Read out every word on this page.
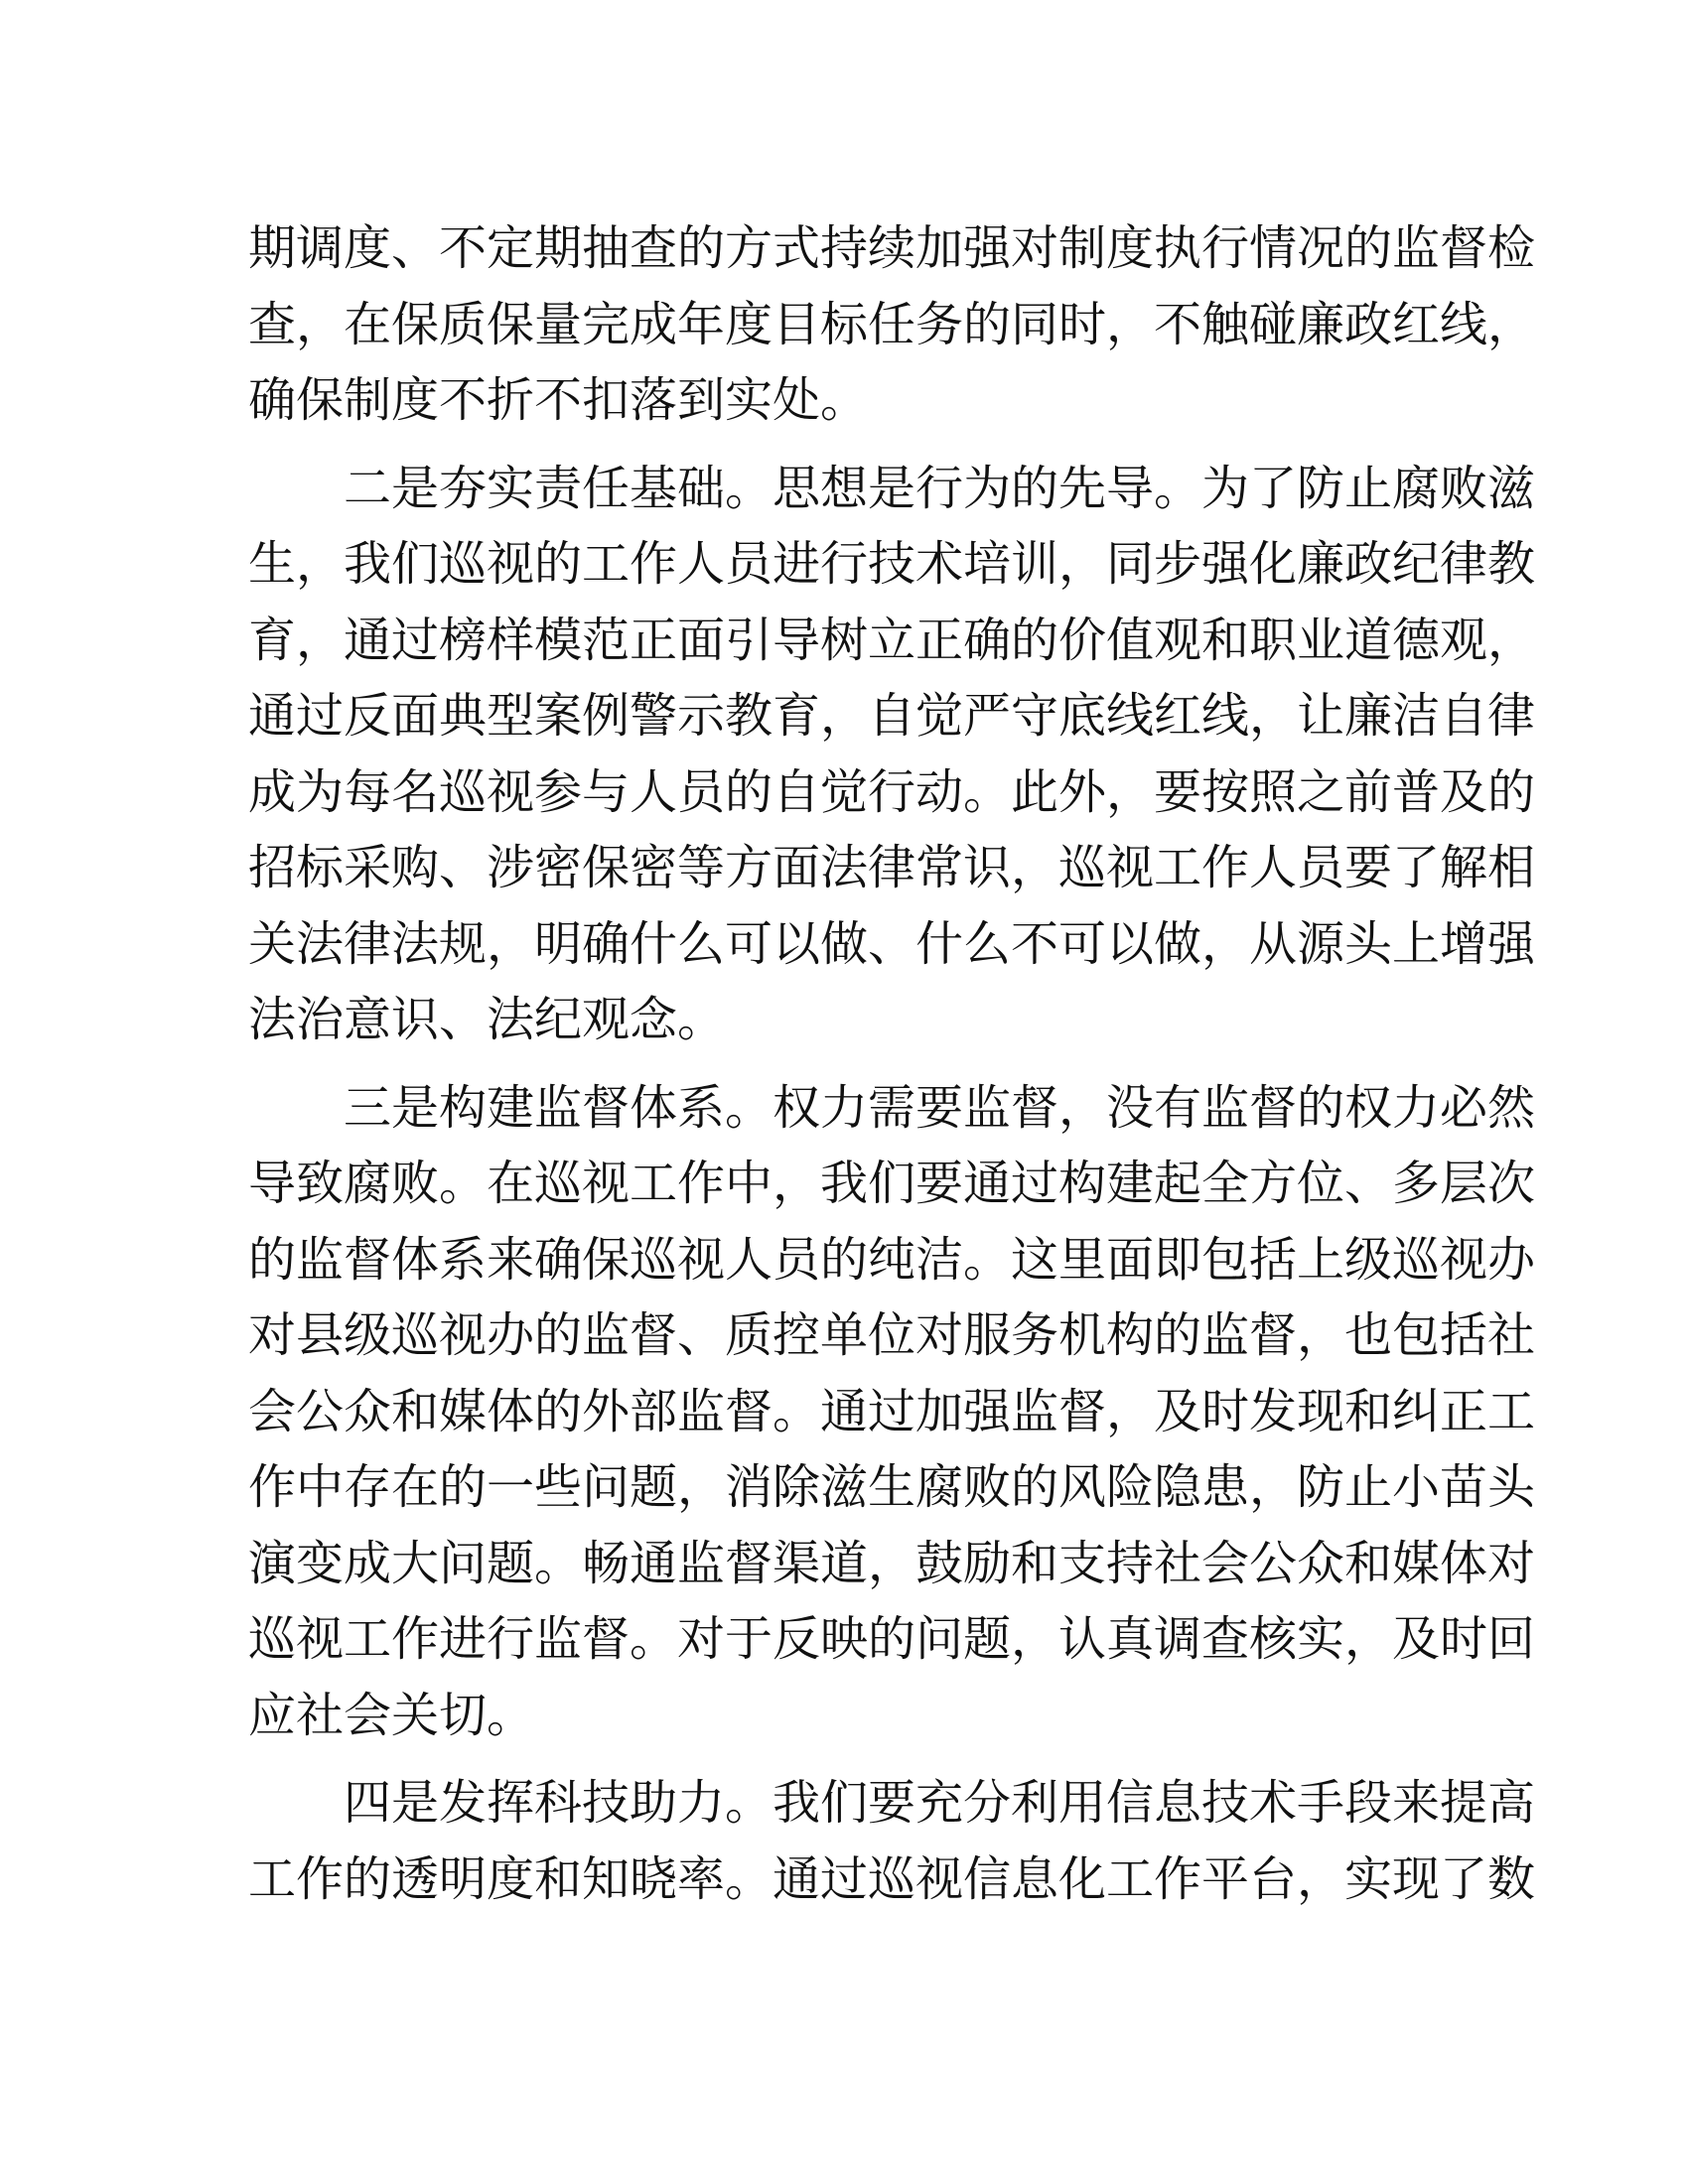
期调度、不定期抽查的方式持续加强对制度执行情况的监督检
查，在保质保量完成年度目标任务的同时，不触碰廉政红线，
确保制度不折不扣落到实处。
二是夯实责任基础。思想是行为的先导。为了防止腐败滋
生，我们巡视的工作人员进行技术培训，同步强化廉政纪律教
育，通过榜样模范正面引导树立正确的价值观和职业道德观，
通过反面典型案例警示教育，自觉严守底线红线，让廉洁自律
成为每名巡视参与人员的自觉行动。此外，要按照之前普及的
招标采购、涉密保密等方面法律常识，巡视工作人员要了解相
关法律法规，明确什么可以做、什么不可以做，从源头上增强
法治意识、法纪观念。
三是构建监督体系。权力需要监督，没有监督的权力必然
导致腐败。在巡视工作中，我们要通过构建起全方位、多层次
的监督体系来确保巡视人员的纯洁。这里面即包括上级巡视办
对县级巡视办的监督、质控单位对服务机构的监督，也包括社
会公众和媒体的外部监督。通过加强监督，及时发现和纠正工
作中存在的一些问题，消除滋生腐败的风险隐患，防止小苗头
演变成大问题。畅通监督渠道，鼓励和支持社会公众和媒体对
巡视工作进行监督。对于反映的问题，认真调查核实，及时回
应社会关切。
四是发挥科技助力。我们要充分利用信息技术手段来提高
工作的透明度和知晓率。通过巡视信息化工作平台，实现了数
